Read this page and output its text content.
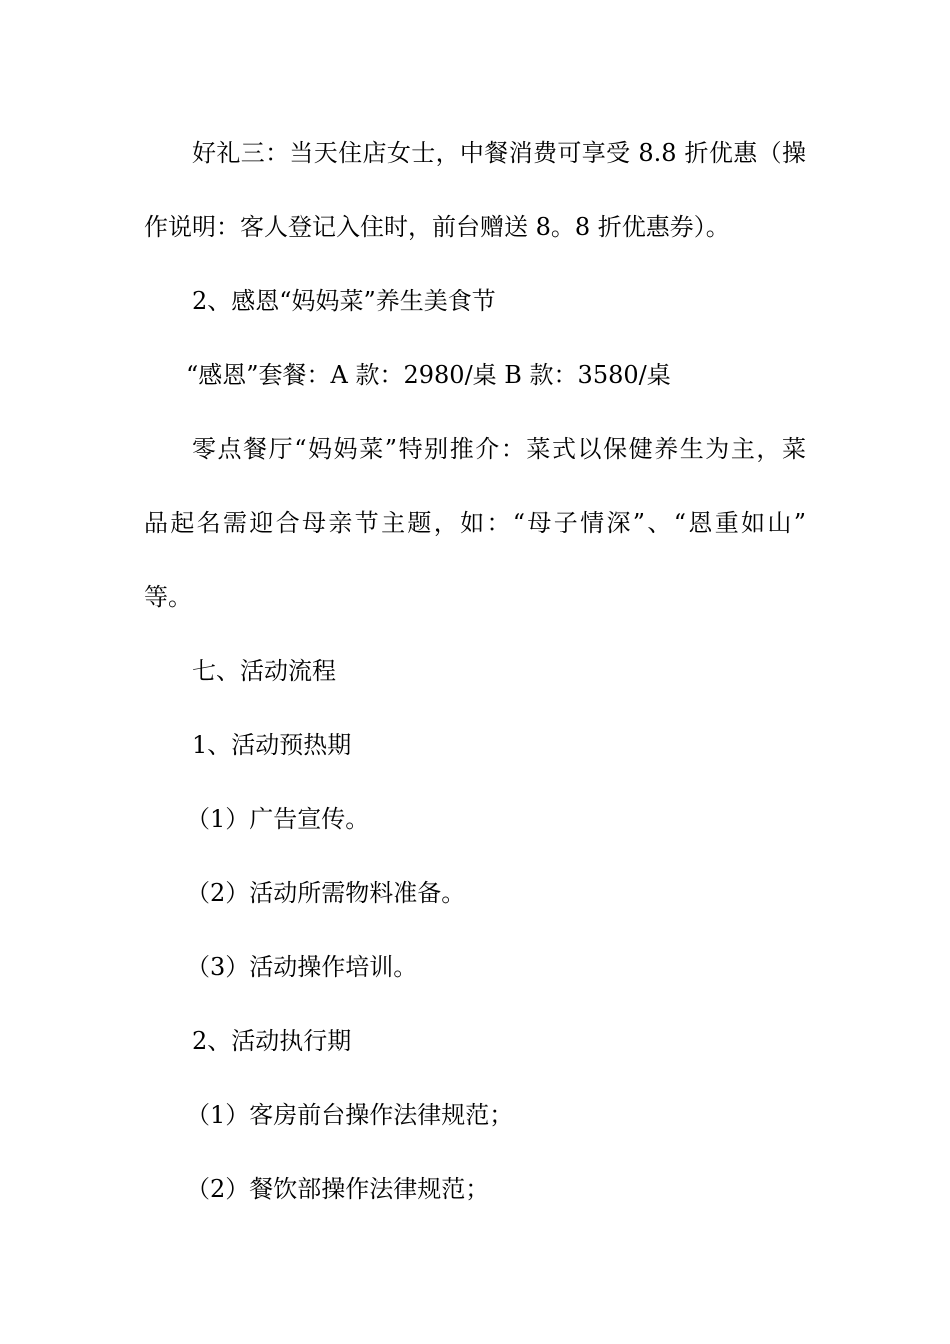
好礼三：当天住店女士，中餐消费可享受 8.8 折优惠（操

作说明：客人登记入住时，前台赠送 8。8 折优惠券）。

2、感恩“妈妈菜”养生美食节

“感恩”套餐：A 款：2980/桌 B 款：3580/桌

零点餐厅“妈妈菜”特别推介：菜式以保健养生为主，菜

品起名需迎合母亲节主题，如：“母子情深”、“恩重如山”

等。

七、活动流程

1、活动预热期

（1）广告宣传。

（2）活动所需物料准备。

（3）活动操作培训。

2、活动执行期

（1）客房前台操作法律规范；

（2）餐饮部操作法律规范；
